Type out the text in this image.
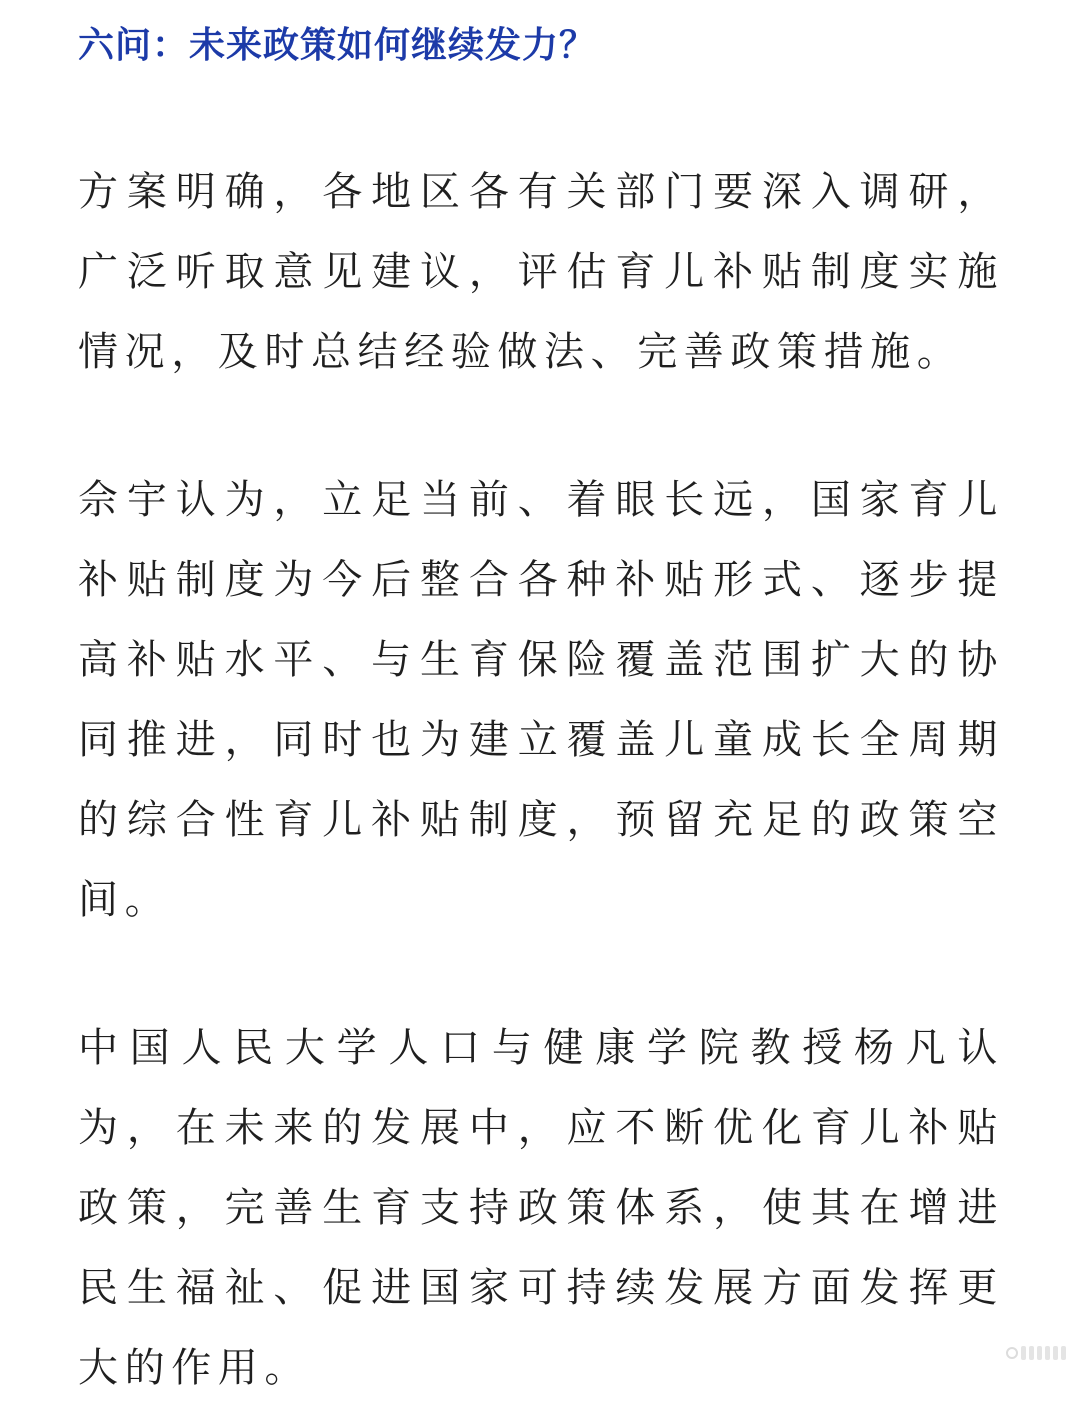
六问：未来政策如何继续发力？

方案明确，各地区各有关部门要深入调研，广泛听取意见建议，评估育儿补贴制度实施情况，及时总结经验做法、完善政策措施。

佘宇认为，立足当前、着眼长远，国家育儿补贴制度为今后整合各种补贴形式、逐步提高补贴水平、与生育保险覆盖范围扩大的协同推进，同时也为建立覆盖儿童成长全周期的综合性育儿补贴制度，预留充足的政策空间。

中国人民大学人口与健康学院教授杨凡认为，在未来的发展中，应不断优化育儿补贴政策，完善生育支持政策体系，使其在增进民生福祉、促进国家可持续发展方面发挥更大的作用。
